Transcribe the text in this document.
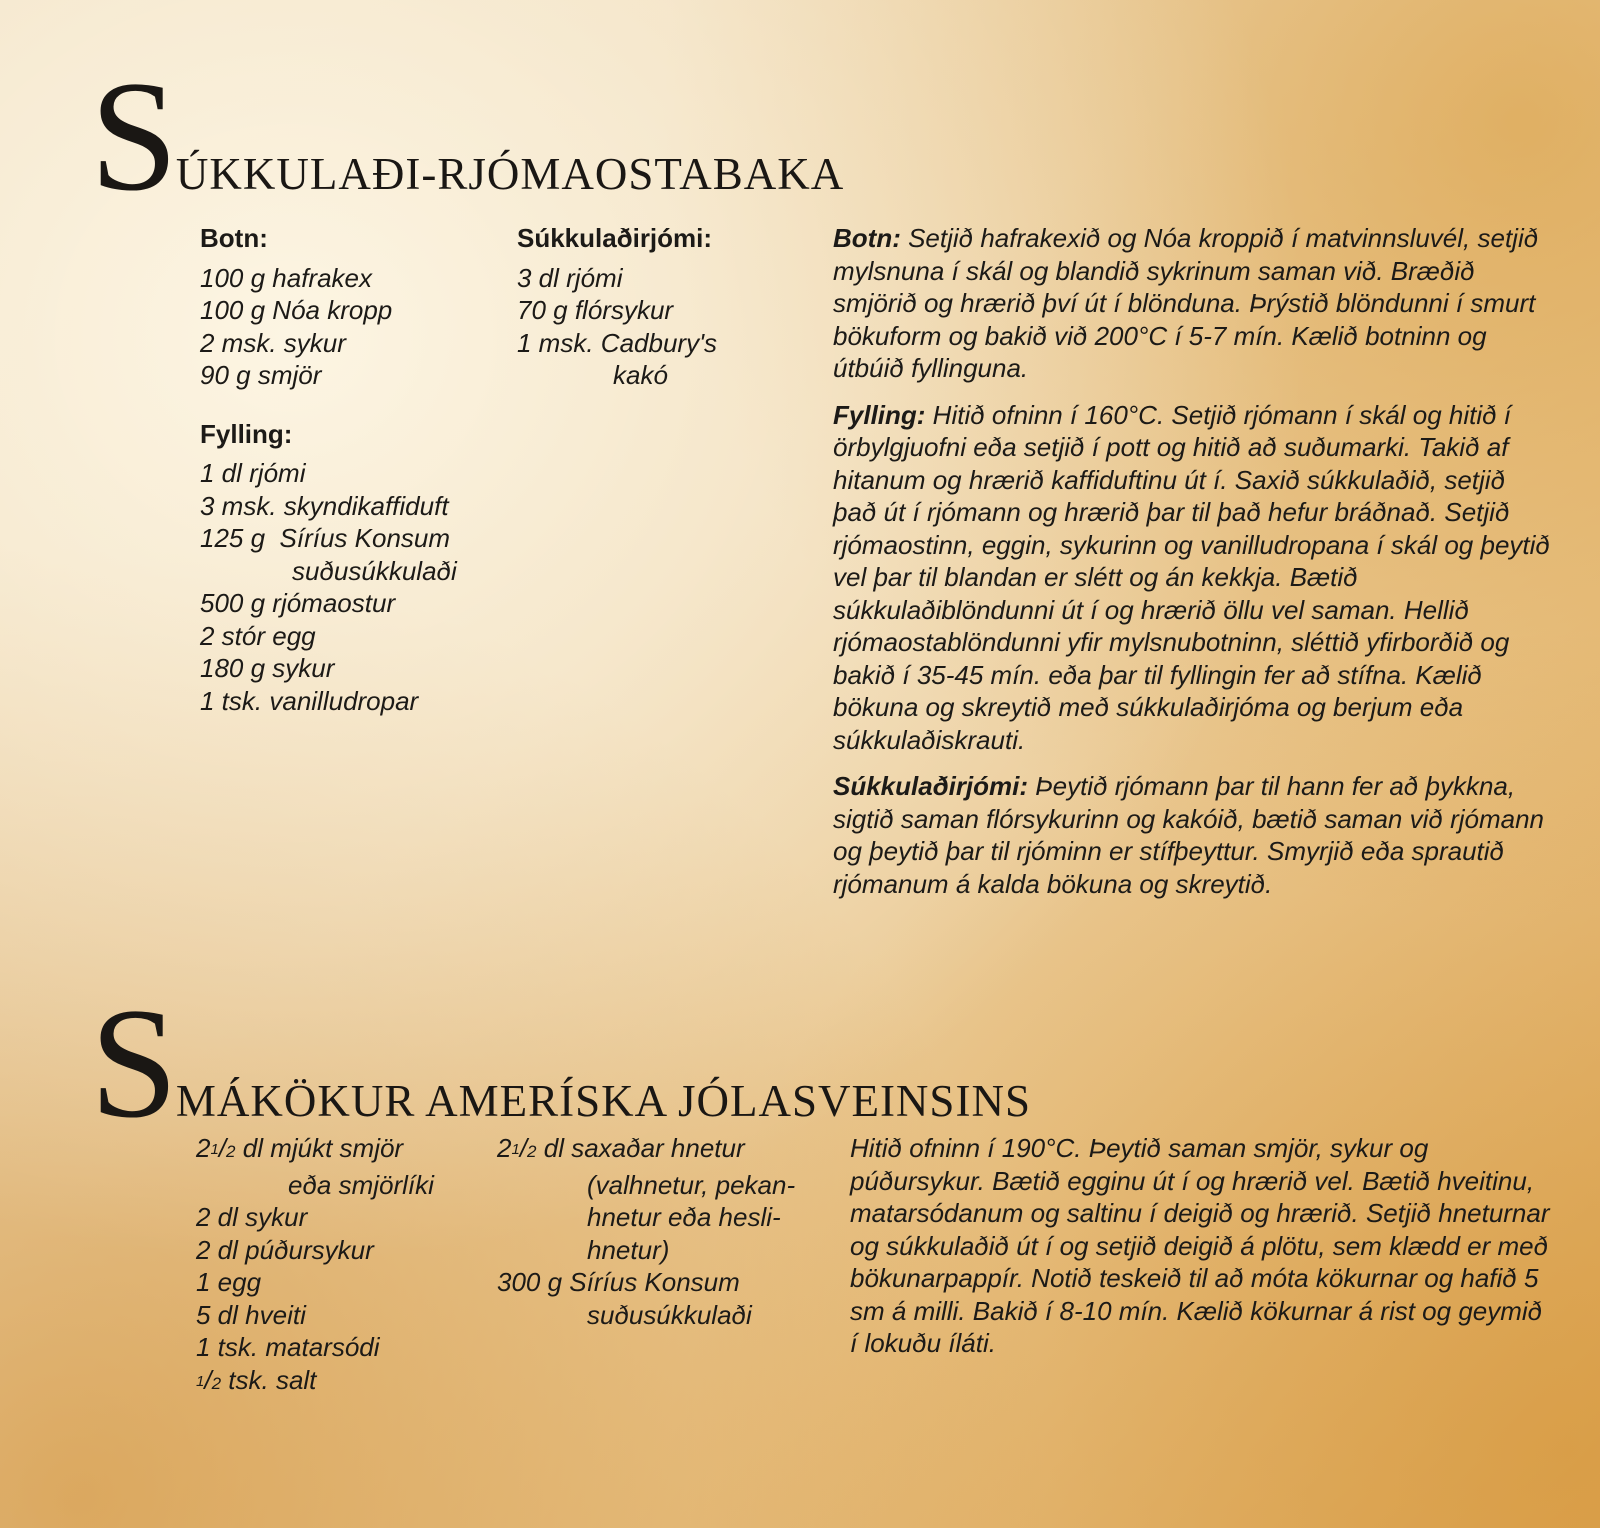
S ÚKKULAÐI-RJÓMAOSTABAKA
Botn:
100 g hafrakex
100 g Nóa kropp
2 msk. sykur
90 g smjör
Fylling:
1 dl rjómi
3 msk. skyndikaffiduft
125 g  Síríus Konsum
suðusúkkulaði
500 g rjómaostur
2 stór egg
180 g sykur
1 tsk. vanilludropar
Súkkulaðirjómi:
3 dl rjómi
70 g flórsykur
1 msk. Cadbury's
kakó

Botn: Setjið hafrakexið og Nóa kroppið í matvinnsluvél, setjið mylsnuna í skál og blandið sykrinum saman við. Bræðið smjörið og hrærið því út í blönduna. Þrýstið blöndunni í smurt bökuform og bakið við 200°C í 5-7 mín. Kælið botninn og útbúið fyllinguna.

Fylling: Hitið ofninn í 160°C. Setjið rjómann í skál og hitið í örbylgjuofni eða setjið í pott og hitið að suðumarki. Takið af hitanum og hrærið kaffiduftinu út í. Saxið súkkulaðið, setjið það út í rjómann og hrærið þar til það hefur bráðnað. Setjið rjómaostinn, eggin, sykurinn og vanilludropana í skál og þeytið vel þar til blandan er slétt og án kekkja. Bætið súkkulaðiblöndunni út í og hrærið öllu vel saman. Hellið rjómaostablöndunni yfir mylsnubotninn, sléttið yfirborðið og bakið í 35-45 mín. eða þar til fyllingin fer að stífna. Kælið bökuna og skreytið með súkkulaðirjóma og berjum eða súkkulaðiskrauti.

Súkkulaðirjómi: Þeytið rjómann þar til hann fer að þykkna, sigtið saman flórsykurinn og kakóið, bætið saman við rjómann og þeytið þar til rjóminn er stífþeyttur. Smyrjið eða sprautið rjómanum á kalda bökuna og skreytið.

S MÁKÖKUR AMERÍSKA JÓLASVEINSINS
$2^1/2$ dl mjúkt smjör
eða smjörlíki
2 dl sykur
2 dl púðursykur
1 egg
5 dl hveiti
1 tsk. matarsódi
$^1$/2 tsk. salt
$2^1/2$ dl saxaðar hnetur
(valhnetur, pekan-
hnetur eða hesli-
hnetur)
300 g Síríus Konsum
suðusúkkulaði

Hitið ofninn í 190°C. Þeytið saman smjör, sykur og púðursykur. Bætið egginu út í og hrærið vel. Bætið hveitinu, matarsódanum og saltinu í deigið og hrærið. Setjið hneturnar og súkkulaðið út í og setjið deigið á plötu, sem klædd er með bökunarpappír. Notið teskeið til að móta kökurnar og hafið 5 sm á milli. Bakið í 8-10 mín. Kælið kökurnar á rist og geymið í lokuðu íláti.
